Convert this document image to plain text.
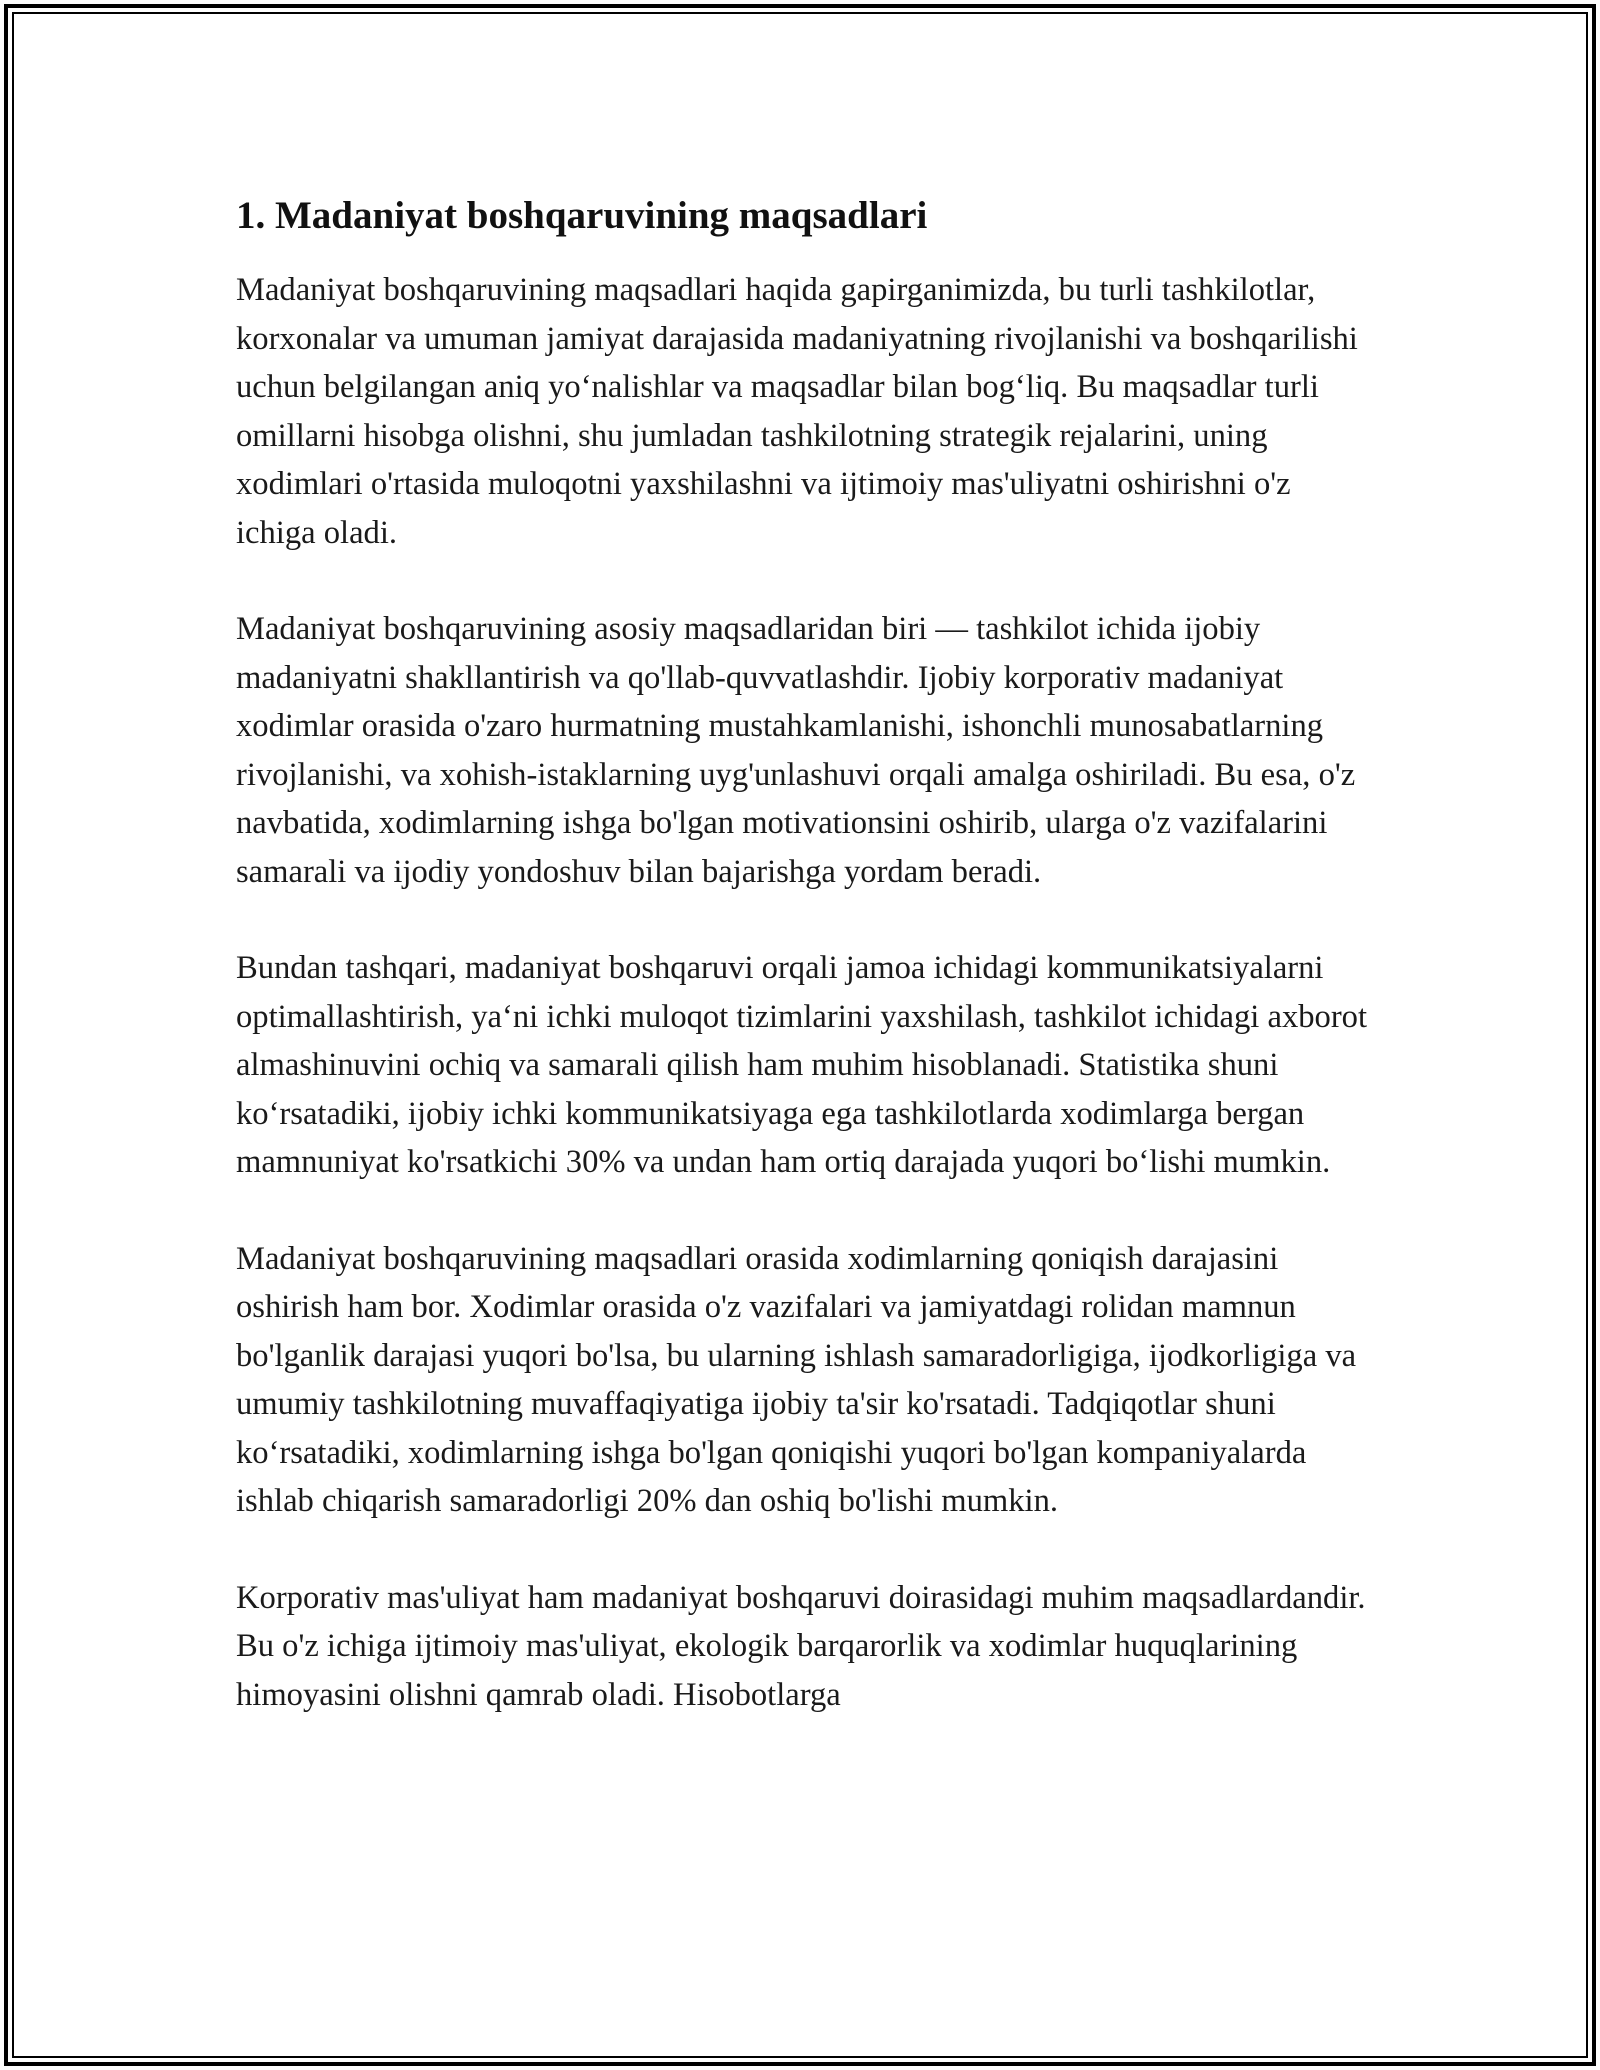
1. Madaniyat boshqaruvining maqsadlari

Madaniyat boshqaruvining maqsadlari haqida gapirganimizda, bu turli tashkilotlar, korxonalar va umuman jamiyat darajasida madaniyatning rivojlanishi va boshqarilishi uchun belgilangan aniq yo‘nalishlar va maqsadlar bilan bog‘liq. Bu maqsadlar turli omillarni hisobga olishni, shu jumladan tashkilotning strategik rejalarini, uning xodimlari o'rtasida muloqotni yaxshilashni va ijtimoiy mas'uliyatni oshirishni o'z ichiga oladi.

Madaniyat boshqaruvining asosiy maqsadlaridan biri — tashkilot ichida ijobiy madaniyatni shakllantirish va qo'llab-quvvatlashdir. Ijobiy korporativ madaniyat xodimlar orasida o'zaro hurmatning mustahkamlanishi, ishonchli munosabatlarning rivojlanishi, va xohish-istaklarning uyg'unlashuvi orqali amalga oshiriladi. Bu esa, o'z navbatida, xodimlarning ishga bo'lgan motivationsini oshirib, ularga o'z vazifalarini samarali va ijodiy yondoshuv bilan bajarishga yordam beradi.

Bundan tashqari, madaniyat boshqaruvi orqali jamoa ichidagi kommunikatsiyalarni optimallashtirish, ya‘ni ichki muloqot tizimlarini yaxshilash, tashkilot ichidagi axborot almashinuvini ochiq va samarali qilish ham muhim hisoblanadi. Statistika shuni ko‘rsatadiki, ijobiy ichki kommunikatsiyaga ega tashkilotlarda xodimlarga bergan mamnuniyat ko'rsatkichi 30% va undan ham ortiq darajada yuqori bo‘lishi mumkin.

Madaniyat boshqaruvining maqsadlari orasida xodimlarning qoniqish darajasini oshirish ham bor. Xodimlar orasida o'z vazifalari va jamiyatdagi rolidan mamnun bo'lganlik darajasi yuqori bo'lsa, bu ularning ishlash samaradorligiga, ijodkorligiga va umumiy tashkilotning muvaffaqiyatiga ijobiy ta'sir ko'rsatadi. Tadqiqotlar shuni ko‘rsatadiki, xodimlarning ishga bo'lgan qoniqishi yuqori bo'lgan kompaniyalarda ishlab chiqarish samaradorligi 20% dan oshiq bo'lishi mumkin.

Korporativ mas'uliyat ham madaniyat boshqaruvi doirasidagi muhim maqsadlardandir. Bu o'z ichiga ijtimoiy mas'uliyat, ekologik barqarorlik va xodimlar huquqlarining himoyasini olishni qamrab oladi. Hisobotlarga
